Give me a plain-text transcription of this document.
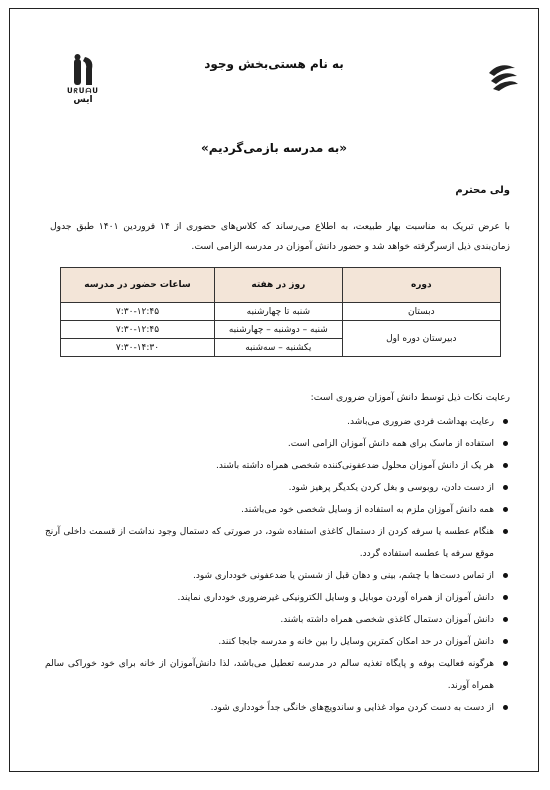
ᑌᖇᑌᗩᑌ
ایس
به نام هستی‌بخش وجود
«به مدرسه بازمی‌گردیم»
ولی محترم
با عرض تبریک به مناسبت بهار طبیعت، به اطلاع می‌رساند که کلاس‌های حضوری از ۱۴ فروردین ۱۴۰۱ طبق جدول زمان‌بندی ذیل ازسرگرفته خواهد شد و حضور دانش آموزان در مدرسه الزامی است.
دوره	روز در هفته	ساعات حضور در مدرسه
دبستان	شنبه تا چهارشنبه	۷:۳۰-۱۲:۴۵
دبیرستان دوره اول	شنبه – دوشنبه – چهارشنبه	۷:۳۰-۱۲:۴۵
	یکشنبه – سه‌شنبه	۷:۳۰-۱۴:۳۰
رعایت نکات ذیل توسط دانش آموزان ضروری است:
رعایت بهداشت فردی ضروری می‌باشد.
استفاده از ماسک برای همه دانش آموزان الزامی است.
هر یک از دانش آموزان محلول ضدعفونی‌کننده شخصی همراه داشته باشند.
از دست دادن، روبوسی و بغل کردن یکدیگر پرهیز شود.
همه دانش آموزان ملزم به استفاده از وسایل شخصی خود می‌باشند.
هنگام عطسه یا سرفه کردن از دستمال کاغذی استفاده شود، در صورتی که دستمال وجود نداشت از قسمت داخلی آرنج موقع سرفه یا عطسه استفاده گردد.
از تماس دست‌ها با چشم، بینی و دهان قبل از شستن یا ضدعفونی خودداری شود.
دانش آموزان از همراه آوردن موبایل و وسایل الکترونیکی غیرضروری خودداری نمایند.
دانش آموزان دستمال کاغذی شخصی همراه داشته باشند.
دانش آموزان در حد امکان کمترین وسایل را بین خانه و مدرسه جابجا کنند.
هرگونه فعالیت بوفه و پایگاه تغذیه سالم در مدرسه تعطیل می‌باشد، لذا دانش‌آموزان از خانه برای خود خوراکی سالم همراه آورند.
از دست به دست کردن مواد غذایی و ساندویچ‌های خانگی جداً خودداری شود.
